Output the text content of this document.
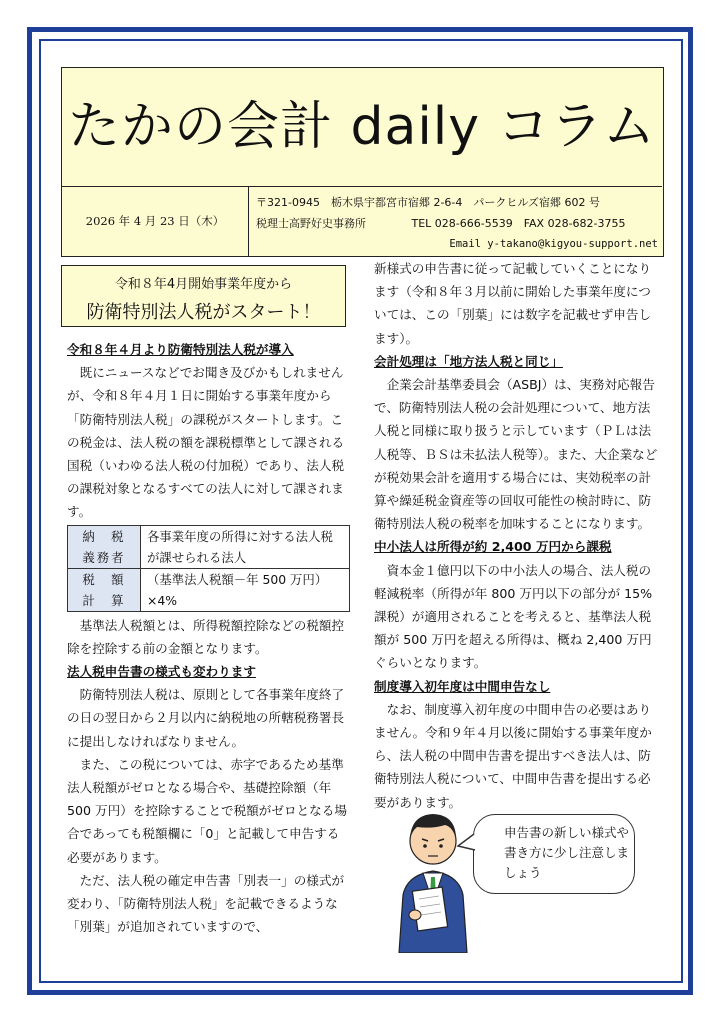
たかの会計 daily コラム
2026 年 4 月 23 日（木）
〒321-0945　栃木県宇都宮市宿郷 2-6-4　パークヒルズ宿郷 602 号
税理士高野好史事務所	TEL 028-666-5539　FAX 028-682-3755
Email y-takano@kigyou-support.net
令和８年4月開始事業年度から
防衛特別法人税がスタート！

令和８年４月より防衛特別法人税が導入

既にニュースなどでお聞き及びかもしれませんが、令和８年４月１日に開始する事業年度から「防衛特別法人税」の課税がスタートします。この税金は、法人税の額を課税標準として課される国税（いわゆる法人税の付加税）であり、法人税の課税対象となるすべての法人に対して課されます。

納　税
義務者	各事業年度の所得に対する法人税が課せられる法人
税　額
計　算	（基準法人税額－年 500 万円）×4%

基準法人税額とは、所得税額控除などの税額控除を控除する前の金額となります。

法人税申告書の様式も変わります

防衛特別法人税は、原則として各事業年度終了の日の翌日から２月以内に納税地の所轄税務署長に提出しなければなりません。

また、この税については、赤字であるため基準法人税額がゼロとなる場合や、基礎控除額（年 500 万円）を控除することで税額がゼロとなる場合であっても税額欄に「0」と記載して申告する必要があります。

ただ、法人税の確定申告書「別表一」の様式が変わり、「防衛特別法人税」を記載できるような「別葉」が追加されていますので、

新様式の申告書に従って記載していくことになります（令和８年３月以前に開始した事業年度については、この「別葉」には数字を記載せず申告します）。

会計処理は「地方法人税と同じ」

企業会計基準委員会（ASBJ）は、実務対応報告で、防衛特別法人税の会計処理について、地方法人税と同様に取り扱うと示しています（ＰＬは法人税等、ＢＳは未払法人税等）。また、大企業などが税効果会計を適用する場合には、実効税率の計算や繰延税金資産等の回収可能性の検討時に、防衛特別法人税の税率を加味することになります。

中小法人は所得が約 2,400 万円から課税

資本金１億円以下の中小法人の場合、法人税の軽減税率（所得が年 800 万円以下の部分が 15%課税）が適用されることを考えると、基準法人税額が 500 万円を超える所得は、概ね 2,400 万円ぐらいとなります。

制度導入初年度は中間申告なし

なお、制度導入初年度の中間申告の必要はありません。令和９年４月以後に開始する事業年度から、法人税の中間申告書を提出すべき法人は、防衛特別法人税について、中間申告書を提出する必要があります。

申告書の新しい様式や書き方に少し注意しましょう
